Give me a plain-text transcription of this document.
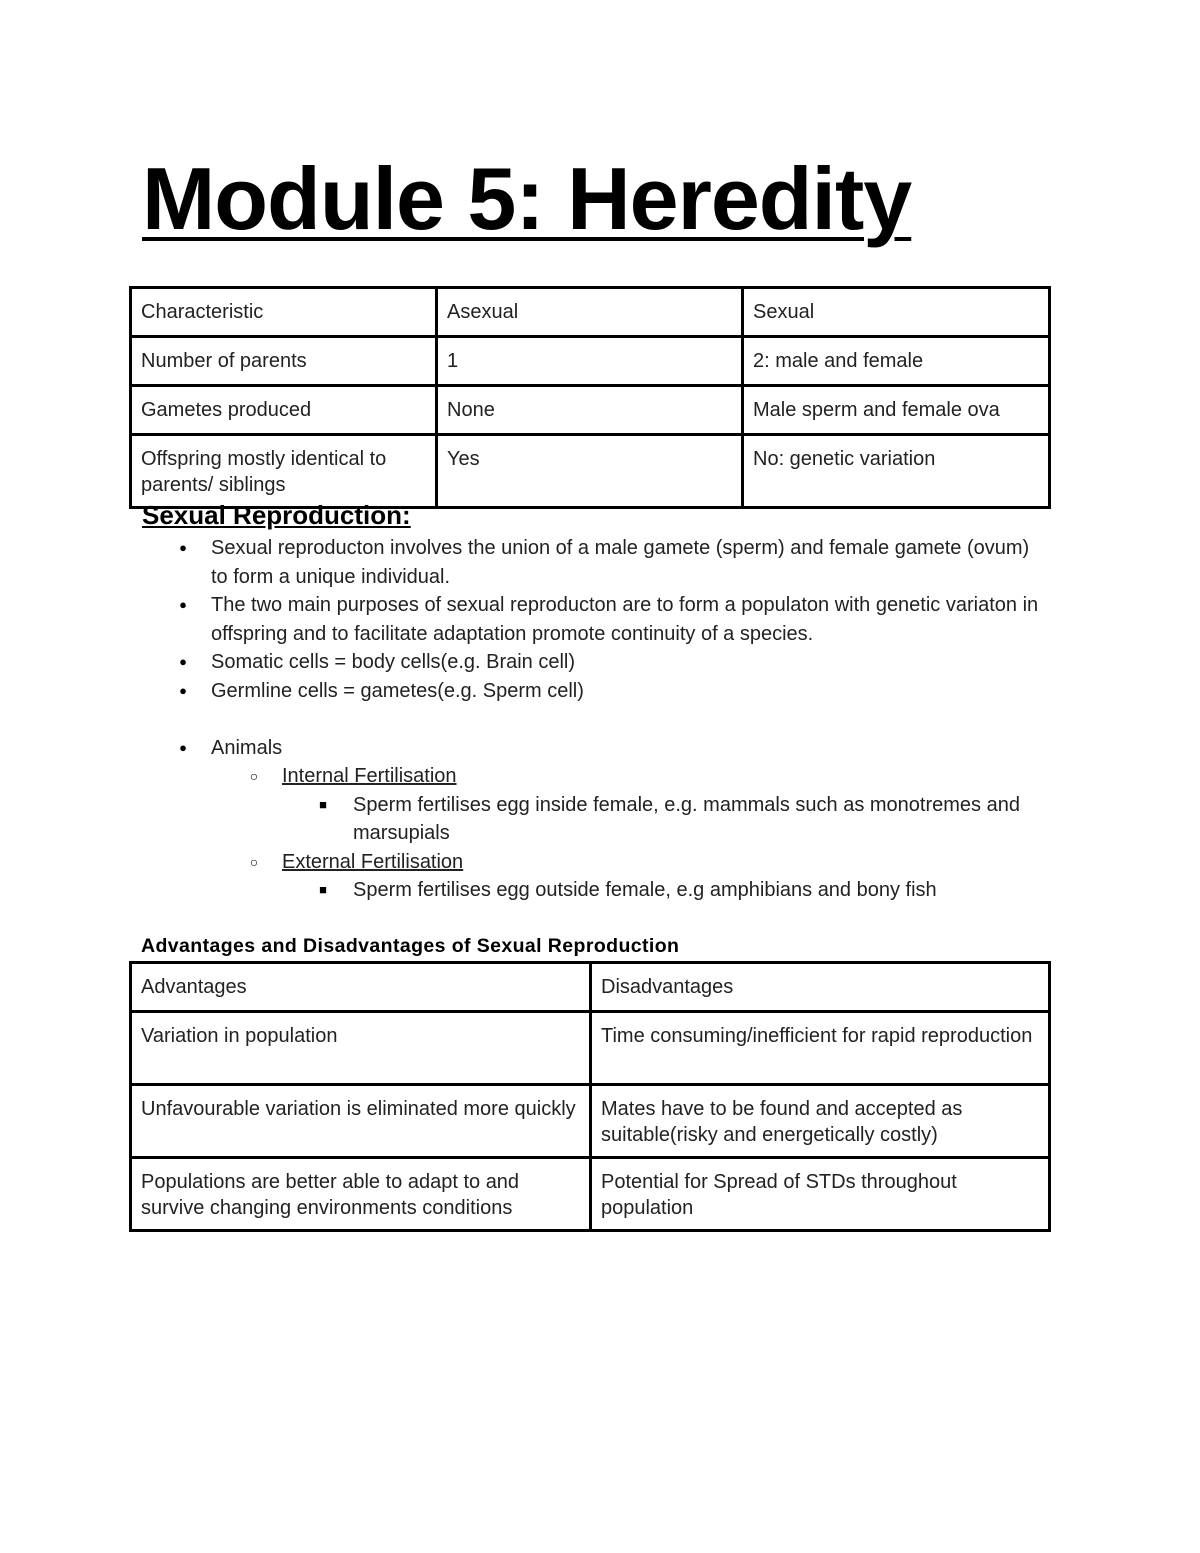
Module 5: Heredity
Characteristic	Asexual	Sexual
Number of parents	1	2: male and female
Gametes produced	None	Male sperm and female ova
Offspring mostly identical to parents/ siblings	Yes	No: genetic variation
Sexual Reproduction:
● Sexual reproducton involves the union of a male gamete (sperm) and female gamete (ovum) to form a unique individual.
● The two main purposes of sexual reproducton are to form a populaton with genetic variaton in offspring and to facilitate adaptation promote continuity of a species.
● Somatic cells = body cells(e.g. Brain cell)
● Germline cells = gametes(e.g. Sperm cell)
● Animals
○ Internal Fertilisation
■ Sperm fertilises egg inside female, e.g. mammals such as monotremes and marsupials
○ External Fertilisation
■ Sperm fertilises egg outside female, e.g amphibians and bony fish
Advantages and Disadvantages of Sexual Reproduction
Advantages	Disadvantages
Variation in population	Time consuming/inefficient for rapid reproduction
Unfavourable variation is eliminated more quickly	Mates have to be found and accepted as suitable(risky and energetically costly)
Populations are better able to adapt to and survive changing environments conditions	Potential for Spread of STDs throughout population
